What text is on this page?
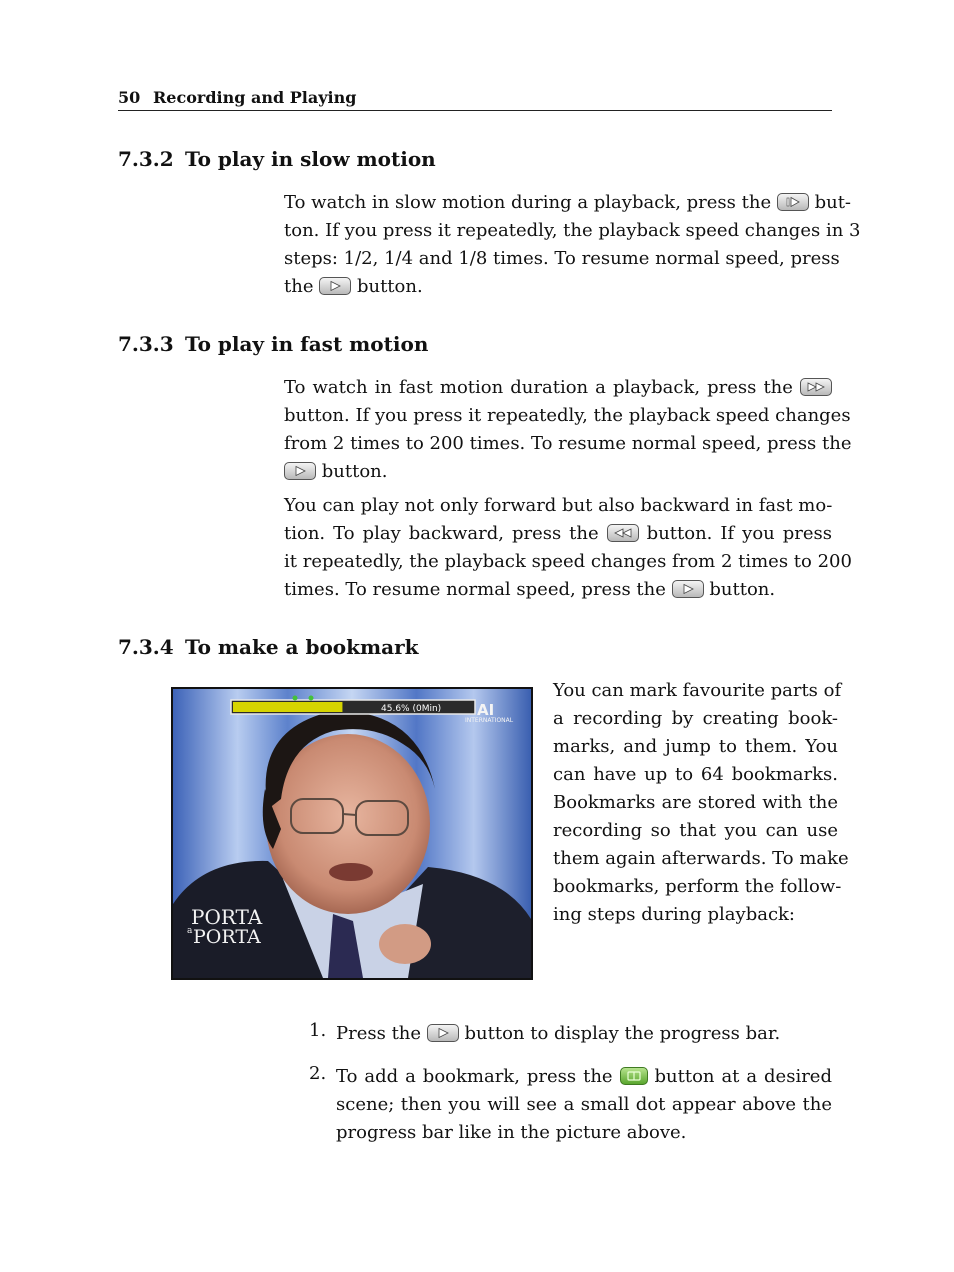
50 Recording and Playing
7.3.2 To play in slow motion
To watch in slow motion during a playback, press the but-
ton. If you press it repeatedly, the playback speed changes in 3
steps: 1/2, 1/4 and 1/8 times. To resume normal speed, press
the button.
7.3.3 To play in fast motion
To watch in fast motion duration a playback, press the
button. If you press it repeatedly, the playback speed changes
from 2 times to 200 times. To resume normal speed, press the
button.
You can play not only forward but also backward in fast mo-
tion. To play backward, press the	button. If you press
it repeatedly, the playback speed changes from 2 times to 200
times. To resume normal speed, press the button.
7.3.4 To make a bookmark
PORTA
PORTA
a
AI
INTERNATIONAL
45.6% (0Min)
You can mark favourite parts of
a recording by creating book-
marks, and jump to them. You
can have up to 64 bookmarks.
Bookmarks are stored with the
recording so that you can use
them again afterwards. To make
bookmarks, perform the follow-
ing steps during playback:
1. Press the button to display the progress bar.
2. To add a bookmark, press the button at a desired
scene; then you will see a small dot appear above the
progress bar like in the picture above.
